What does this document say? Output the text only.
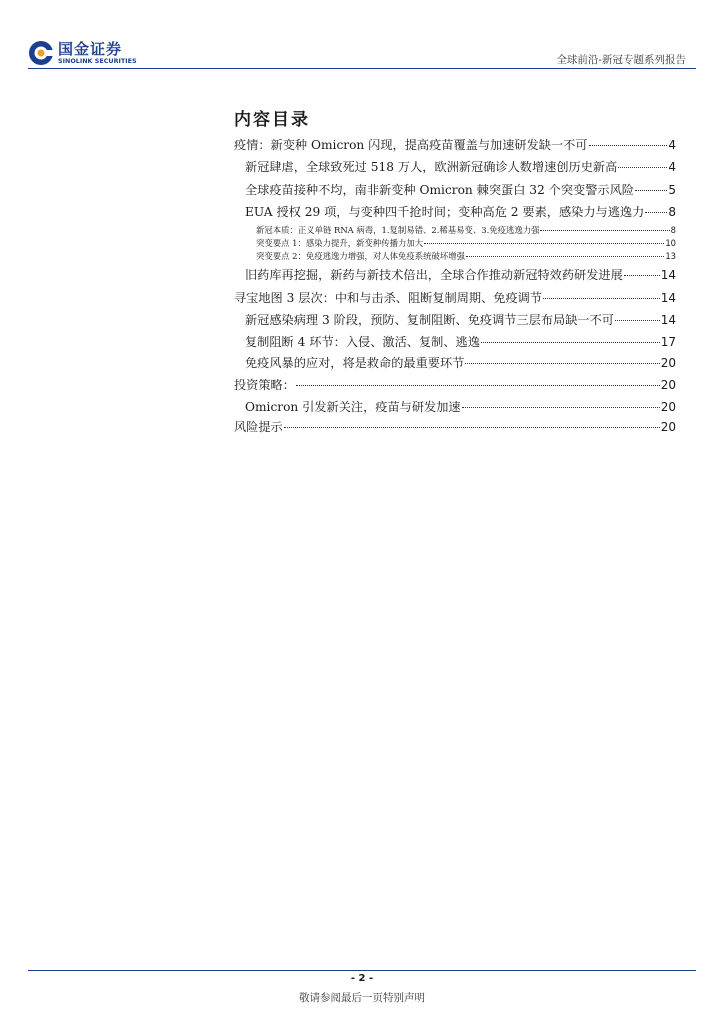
国金证券
SINOLINK SECURITIES	全球前沿-新冠专题系列报告
内容目录
疫情：新变种 Omicron 闪现，提高疫苗覆盖与加速研发缺一不可	4
新冠肆虐，全球致死过 518 万人，欧洲新冠确诊人数增速创历史新高	4
全球疫苗接种不均，南非新变种 Omicron 棘突蛋白 32 个突变警示风险	5
EUA 授权 29 项，与变种四千抢时间；变种高危 2 要素，感染力与逃逸力 8
新冠本质：正义单链 RNA 病毒，1.复制易错、2.稀基易变、3.免疫逃逸力强	8
突变要点 1：感染力提升，新变种传播力加大	10
突变要点 2：免疫逃逸力增强，对人体免疫系统破坏增强	13
旧药库再挖掘，新药与新技术倍出，全球合作推动新冠特效药研发进展	14
寻宝地图 3 层次：中和与击杀、阻断复制周期、免疫调节	14
新冠感染病理 3 阶段，预防、复制阻断、免疫调节三层布局缺一不可	14
复制阻断 4 环节：入侵、激活、复制、逃逸	17
免疫风暴的应对，将是救命的最重要环节	20
投资策略：	20
Omicron 引发新关注，疫苗与研发加速	20
风险提示	20
- 2 -
敬请参阅最后一页特别声明
